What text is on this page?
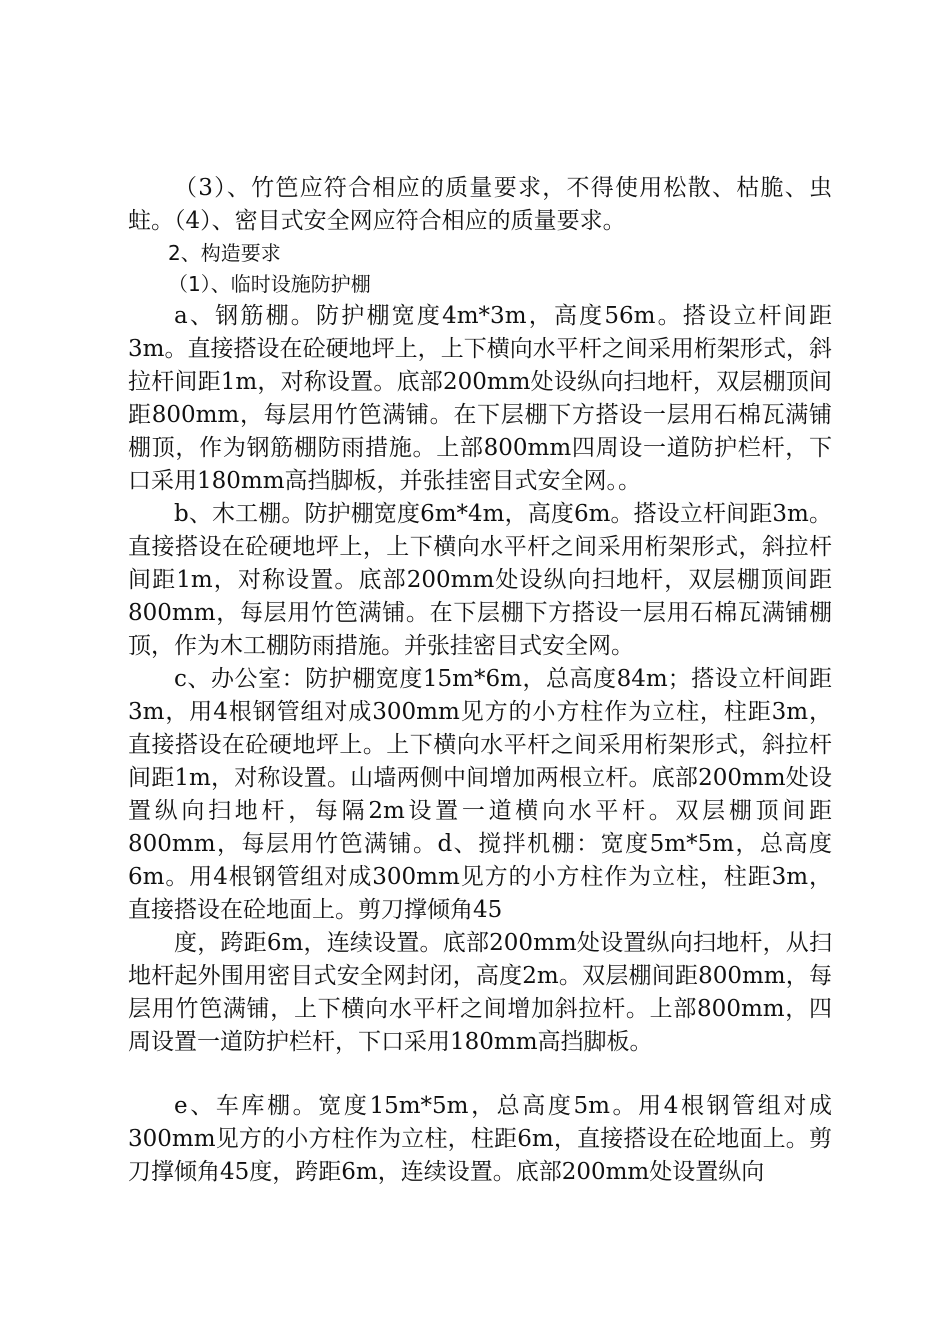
（3）、竹笆应符合相应的质量要求，不得使用松散、枯脆、虫蛀。（4）、密目式安全网应符合相应的质量要求。

2、构造要求

（1）、临时设施防护棚

a、钢筋棚。防护棚宽度4m*3m，高度56m。搭设立杆间距3m。直接搭设在砼硬地坪上，上下横向水平杆之间采用桁架形式，斜拉杆间距1m，对称设置。底部200mm处设纵向扫地杆，双层棚顶间距800mm，每层用竹笆满铺。在下层棚下方搭设一层用石棉瓦满铺棚顶，作为钢筋棚防雨措施。上部800mm四周设一道防护栏杆，下口采用180mm高挡脚板，并张挂密目式安全网。。

b、木工棚。防护棚宽度6m*4m，高度6m。搭设立杆间距3m。直接搭设在砼硬地坪上，上下横向水平杆之间采用桁架形式，斜拉杆间距1m，对称设置。底部200mm处设纵向扫地杆，双层棚顶间距800mm，每层用竹笆满铺。在下层棚下方搭设一层用石棉瓦满铺棚顶，作为木工棚防雨措施。并张挂密目式安全网。

c、办公室：防护棚宽度15m*6m，总高度84m；搭设立杆间距3m，用4根钢管组对成300mm见方的小方柱作为立柱，柱距3m，直接搭设在砼硬地坪上。上下横向水平杆之间采用桁架形式，斜拉杆间距1m，对称设置。山墙两侧中间增加两根立杆。底部200mm处设置纵向扫地杆，每隔2m设置一道横向水平杆。双层棚顶间距800mm，每层用竹笆满铺。d、搅拌机棚：宽度5m*5m，总高度6m。用4根钢管组对成300mm见方的小方柱作为立柱，柱距3m，直接搭设在砼地面上。剪刀撑倾角45

度，跨距6m，连续设置。底部200mm处设置纵向扫地杆，从扫地杆起外围用密目式安全网封闭，高度2m。双层棚间距800mm，每层用竹笆满铺，上下横向水平杆之间增加斜拉杆。上部800mm，四周设置一道防护栏杆，下口采用180mm高挡脚板。

e、车库棚。宽度15m*5m，总高度5m。用4根钢管组对成300mm见方的小方柱作为立柱，柱距6m，直接搭设在砼地面上。剪刀撑倾角45度，跨距6m，连续设置。底部200mm处设置纵向
